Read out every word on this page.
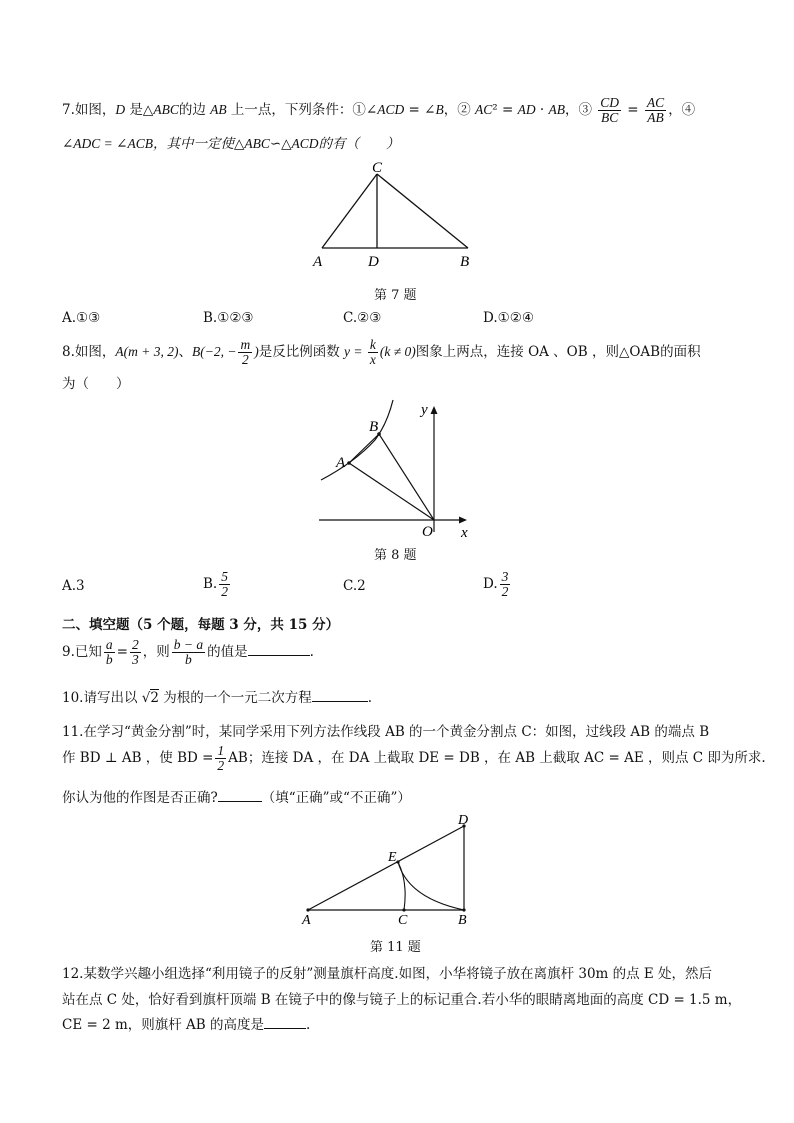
7.如图，D 是△ABC的边 AB 上一点，下列条件：①∠ACD = ∠B，② AC² = AD · AB，③ $\frac{CD}{BC} = \frac{AC}{AB}$ ，④
∠ADC = ∠ACB，其中一定使△ABC∽△ACD的有（　　）
C
A	D	B
第 7 题
A.①③	B.①②③	C.②③	D.①②④
8.如图，A(m + 3, 2)、B(−2, − $\frac{m}{2}$ )是反比例函数 $y = \frac{k}{x} (k \ne 0)$图象上两点，连接 OA 、OB ，则△OAB的面积
为（　　）
y
B
A
O x
第 8 题
A.3	B. $\frac{5}{2}$	C.2	D. $\frac{3}{2}$
二、填空题（5 个题，每题 3 分，共 15 分）
9.已知 $\frac{a}{b} = \frac{2}{3}$ ，则 $\frac{b - a}{b}$ 的值是	.
10.请写出以 √2 为根的一个一元二次方程	.
11.在学习“黄金分割”时，某同学采用下列方法作线段 AB 的一个黄金分割点 C：如图，过线段 AB 的端点 B
作 BD ⊥ AB ，使 BD = $\frac{1}{2}$ AB；连接 DA ，在 DA 上截取 DE = DB ，在 AB 上截取 AC = AE ，则点 C 即为所求.
你认为他的作图是否正确?	（填“正确”或“不正确”）
D
E
A	C	B
第 11 题
12.某数学兴趣小组选择“利用镜子的反射”测量旗杆高度.如图，小华将镜子放在离旗杆 30m 的点 E 处，然后
站在点 C 处，恰好看到旗杆顶端 B 在镜子中的像与镜子上的标记重合.若小华的眼睛离地面的高度 CD = 1.5 m，
CE = 2 m，则旗杆 AB 的高度是	.
